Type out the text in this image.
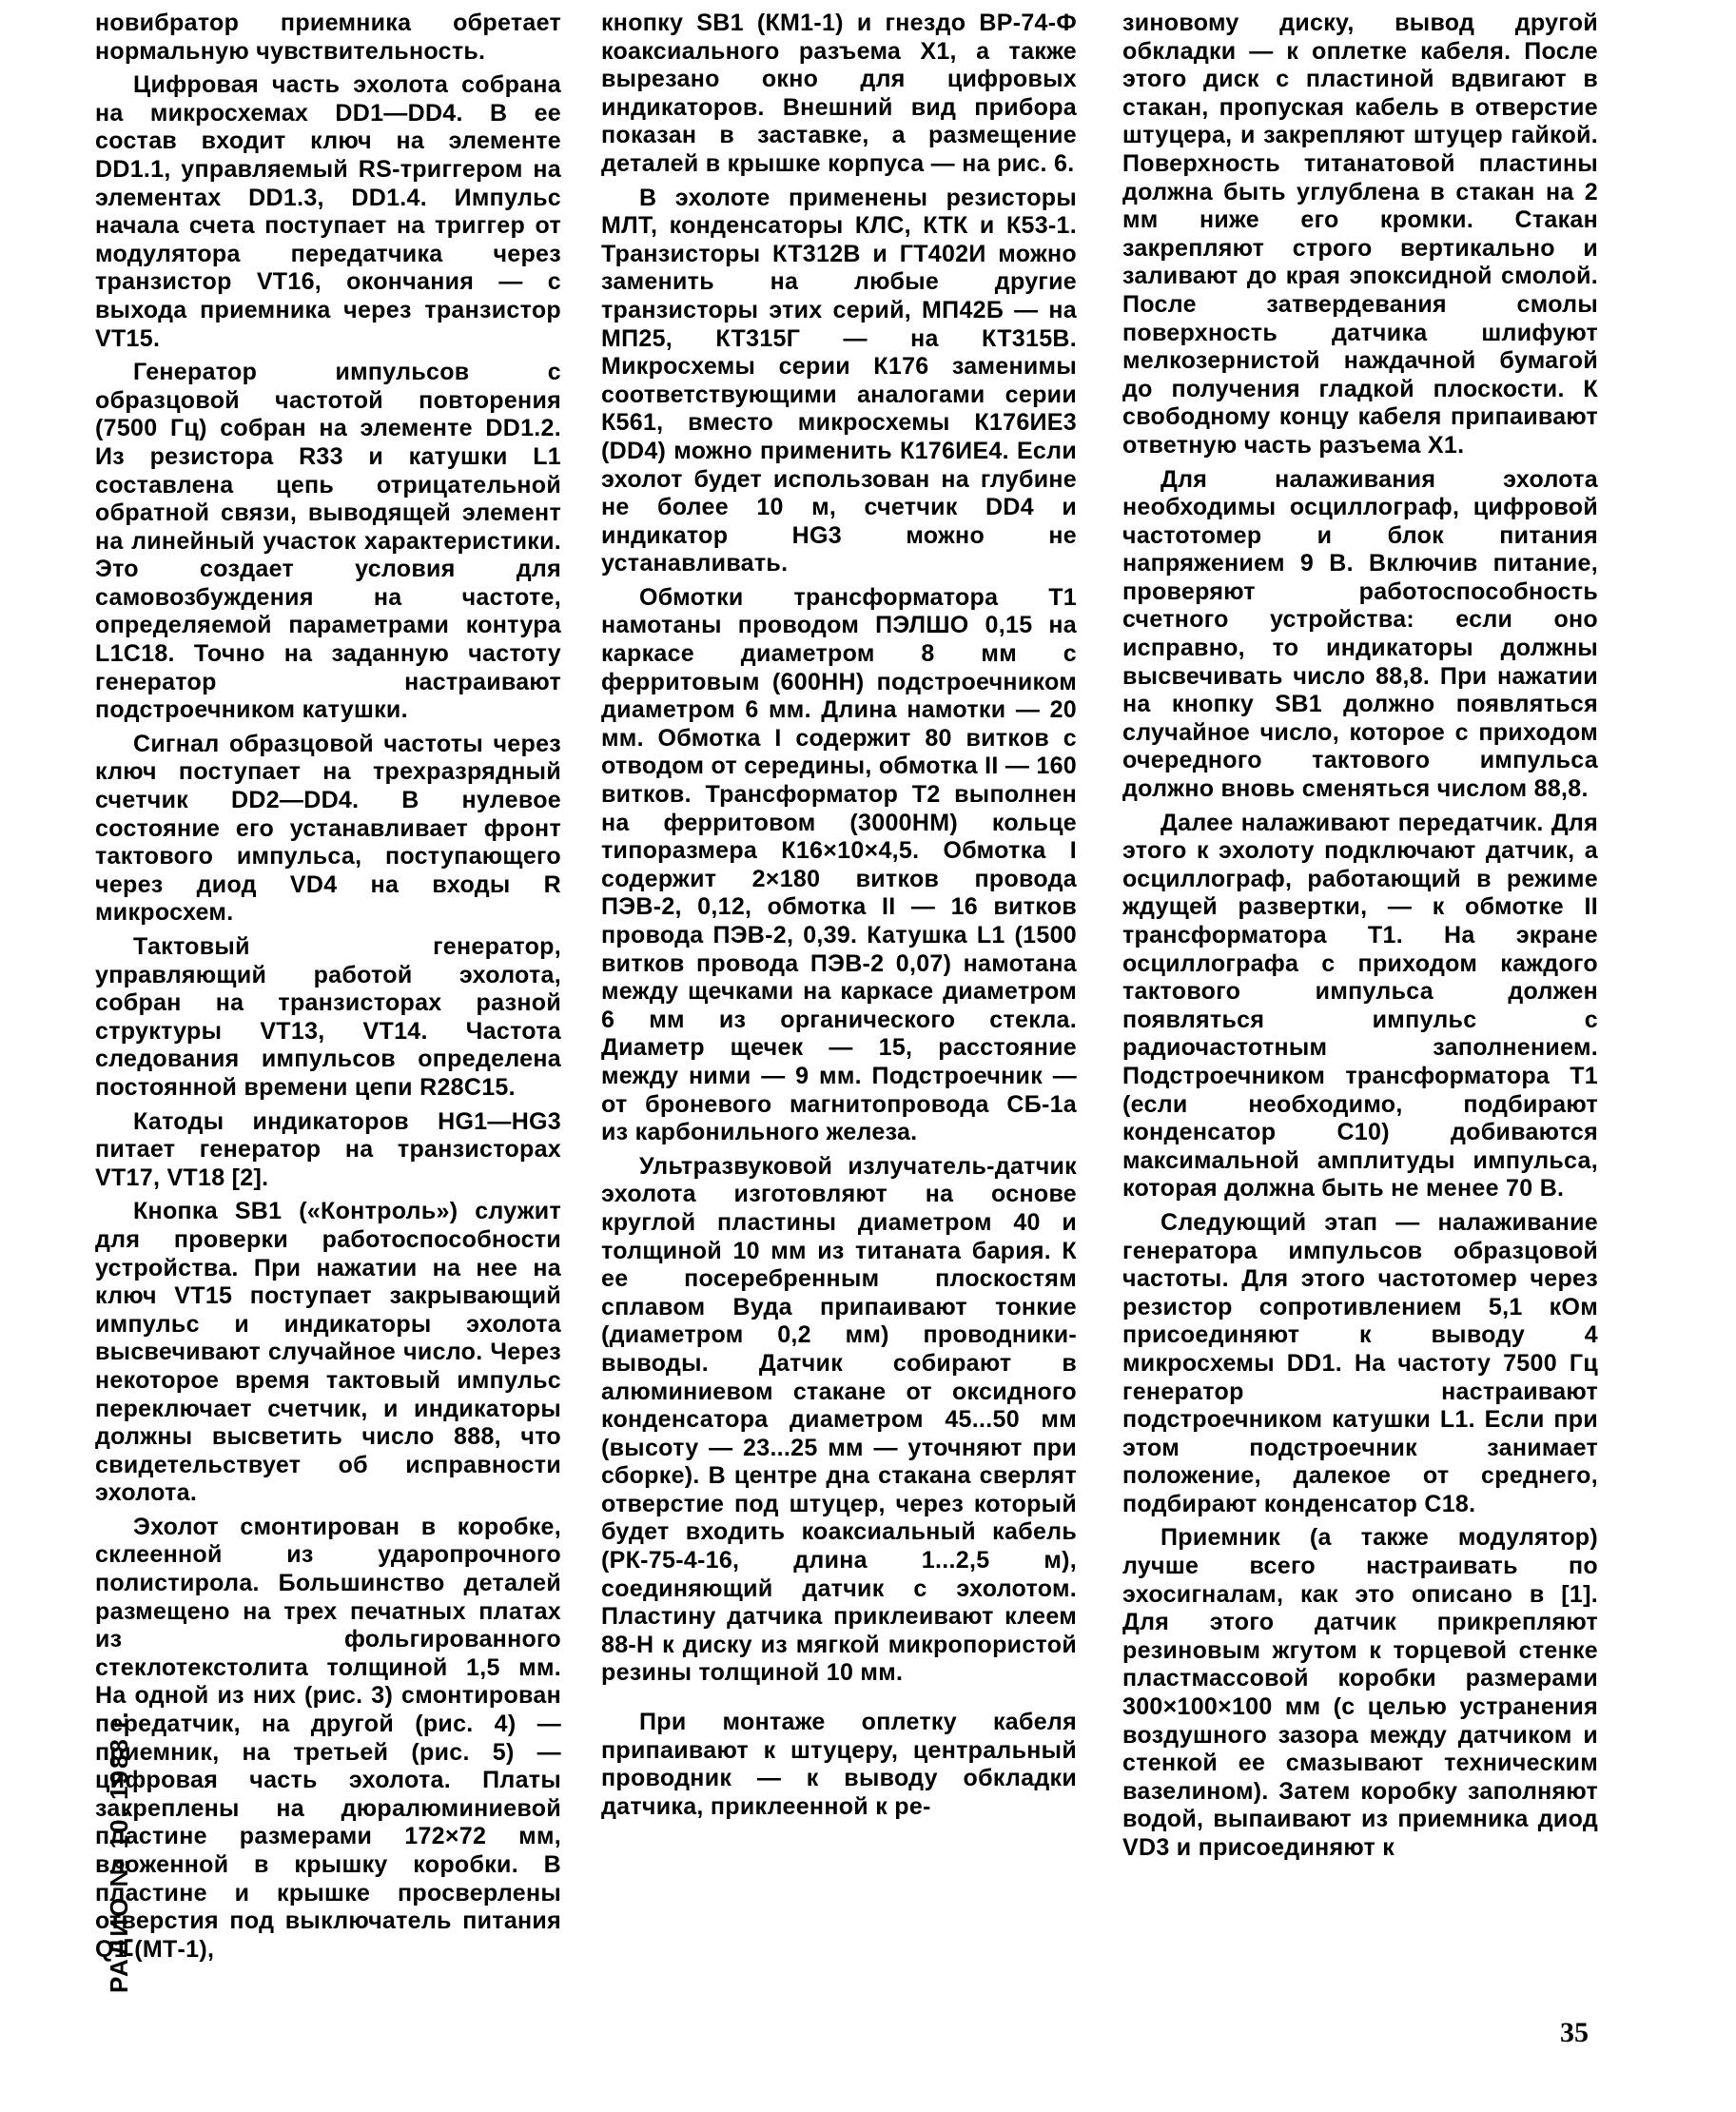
новибратор приемника обретает нормальную чувствительность.

Цифровая часть эхолота собрана на микросхемах DD1—DD4. В ее состав входит ключ на элементе DD1.1, управляемый RS-триггером на элементах DD1.3, DD1.4. Импульс начала счета поступает на триггер от модулятора передатчика через транзистор VT16, окончания — с выхода приемника через транзистор VT15.

Генератор импульсов с образцовой частотой повторения (7500 Гц) собран на элементе DD1.2. Из резистора R33 и катушки L1 составлена цепь отрицательной обратной связи, выводящей элемент на линейный участок характеристики. Это создает условия для самовозбуждения на частоте, определяемой параметрами контура L1C18. Точно на заданную частоту генератор настраивают подстроечником катушки.

Сигнал образцовой частоты через ключ поступает на трехразрядный счетчик DD2—DD4. В нулевое состояние его устанавливает фронт тактового импульса, поступающего через диод VD4 на входы R микросхем.

Тактовый генератор, управляющий работой эхолота, собран на транзисторах разной структуры VT13, VT14. Частота следования импульсов определена постоянной времени цепи R28C15.

Катоды индикаторов HG1—HG3 питает генератор на транзисторах VT17, VT18 [2].

Кнопка SB1 («Контроль») служит для проверки работоспособности устройства. При нажатии на нее на ключ VT15 поступает закрывающий импульс и индикаторы эхолота высвечивают случайное число. Через некоторое время тактовый импульс переключает счетчик, и индикаторы должны высветить число 888, что свидетельствует об исправности эхолота.

Эхолот смонтирован в коробке, склеенной из ударопрочного полистирола. Большинство деталей размещено на трех печатных платах из фольгированного стеклотекстолита толщиной 1,5 мм. На одной из них (рис. 3) смонтирован передатчик, на другой (рис. 4) — приемник, на третьей (рис. 5) — цифровая часть эхолота. Платы закреплены на дюралюминиевой пластине размерами 172×72 мм, вложенной в крышку коробки. В пластине и крышке просверлены отверстия под выключатель питания Q1 (МТ-1),

кнопку SB1 (КМ1-1) и гнездо ВР-74-Ф коаксиального разъема X1, а также вырезано окно для цифровых индикаторов. Внешний вид прибора показан в заставке, а размещение деталей в крышке корпуса — на рис. 6.

В эхолоте применены резисторы МЛТ, конденсаторы КЛС, КТК и К53-1. Транзисторы КТ312В и ГТ402И можно заменить на любые другие транзисторы этих серий, МП42Б — на МП25, КТ315Г — на КТ315В. Микросхемы серии К176 заменимы соответствующими аналогами серии К561, вместо микросхемы К176ИЕ3 (DD4) можно применить К176ИЕ4. Если эхолот будет использован на глубине не более 10 м, счетчик DD4 и индикатор HG3 можно не устанавливать.

Обмотки трансформатора Т1 намотаны проводом ПЭЛШО 0,15 на каркасе диаметром 8 мм с ферритовым (600НН) подстроечником диаметром 6 мм. Длина намотки — 20 мм. Обмотка I содержит 80 витков с отводом от середины, обмотка II — 160 витков. Трансформатор Т2 выполнен на ферритовом (3000НМ) кольце типоразмера К16×10×4,5. Обмотка I содержит 2×180 витков провода ПЭВ-2, 0,12, обмотка II — 16 витков провода ПЭВ-2, 0,39. Катушка L1 (1500 витков провода ПЭВ-2 0,07) намотана между щечками на каркасе диаметром 6 мм из органического стекла. Диаметр щечек — 15, расстояние между ними — 9 мм. Подстроечник — от броневого магнитопровода СБ-1а из карбонильного железа.

Ультразвуковой излучатель-датчик эхолота изготовляют на основе круглой пластины диаметром 40 и толщиной 10 мм из титаната бария. К ее посеребренным плоскостям сплавом Вуда припаивают тонкие (диаметром 0,2 мм) проводники-выводы. Датчик собирают в алюминиевом стакане от оксидного конденсатора диаметром 45...50 мм (высоту — 23...25 мм — уточняют при сборке). В центре дна стакана сверлят отверстие под штуцер, через который будет входить коаксиальный кабель (РК-75-4-16, длина 1...2,5 м), соединяющий датчик с эхолотом. Пластину датчика приклеивают клеем 88-Н к диску из мягкой микропористой резины толщиной 10 мм.

При монтаже оплетку кабеля припаивают к штуцеру, центральный проводник — к выводу обкладки датчика, приклеенной к ре-

зиновому диску, вывод другой обкладки — к оплетке кабеля. После этого диск с пластиной вдвигают в стакан, пропуская кабель в отверстие штуцера, и закрепляют штуцер гайкой. Поверхность титанатовой пластины должна быть углублена в стакан на 2 мм ниже его кромки. Стакан закрепляют строго вертикально и заливают до края эпоксидной смолой. После затвердевания смолы поверхность датчика шлифуют мелкозернистой наждачной бумагой до получения гладкой плоскости. К свободному концу кабеля припаивают ответную часть разъема X1.

Для налаживания эхолота необходимы осциллограф, цифровой частотомер и блок питания напряжением 9 В. Включив питание, проверяют работоспособность счетного устройства: если оно исправно, то индикаторы должны высвечивать число 88,8. При нажатии на кнопку SB1 должно появляться случайное число, которое с приходом очередного тактового импульса должно вновь сменяться числом 88,8.

Далее налаживают передатчик. Для этого к эхолоту подключают датчик, а осциллограф, работающий в режиме ждущей развертки, — к обмотке II трансформатора Т1. На экране осциллографа с приходом каждого тактового импульса должен появляться импульс с радиочастотным заполнением. Подстроечником трансформатора Т1 (если необходимо, подбирают конденсатор С10) добиваются максимальной амплитуды импульса, которая должна быть не менее 70 В.

Следующий этап — налаживание генератора импульсов образцовой частоты. Для этого частотомер через резистор сопротивлением 5,1 кОм присоединяют к выводу 4 микросхемы DD1. На частоту 7500 Гц генератор настраивают подстроечником катушки L1. Если при этом подстроечник занимает положение, далекое от среднего, подбирают конденсатор С18.

Приемник (а также модулятор) лучше всего настраивать по эхосигналам, как это описано в [1]. Для этого датчик прикрепляют резиновым жгутом к торцевой стенке пластмассовой коробки размерами 300×100×100 мм (с целью устранения воздушного зазора между датчиком и стенкой ее смазывают техническим вазелином). Затем коробку заполняют водой, выпаивают из приемника диод VD3 и присоединяют к

РАДИО № 10, 1988 г.
35
